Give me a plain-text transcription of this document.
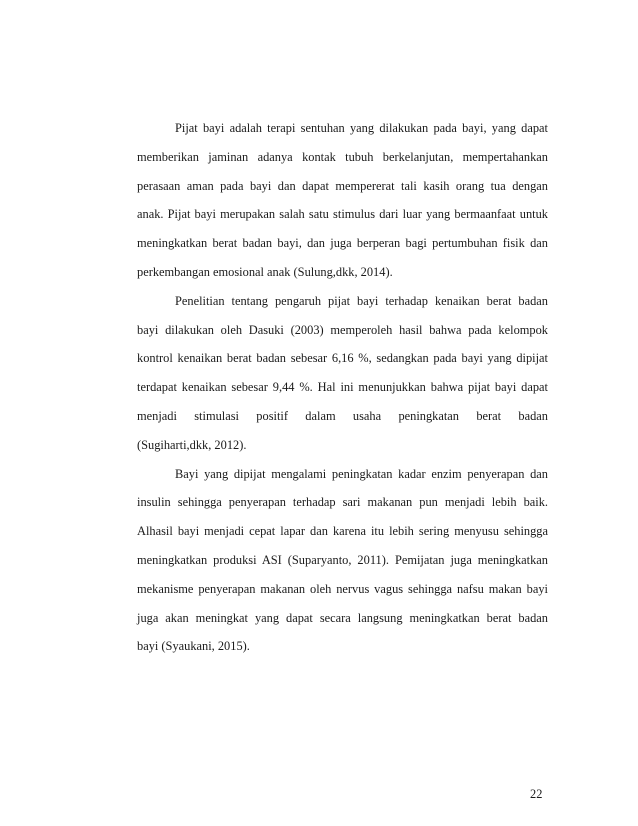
Pijat bayi adalah terapi sentuhan yang dilakukan pada bayi, yang dapat
memberikan jaminan adanya kontak tubuh berkelanjutan, mempertahankan
perasaan aman pada bayi dan dapat mempererat tali kasih orang tua dengan
anak. Pijat bayi merupakan salah satu stimulus dari luar yang bermaanfaat untuk
meningkatkan berat badan bayi, dan juga berperan bagi pertumbuhan fisik dan
perkembangan emosional anak (Sulung,dkk, 2014).

Penelitian tentang pengaruh pijat bayi terhadap kenaikan berat badan
bayi dilakukan oleh Dasuki (2003) memperoleh hasil bahwa pada kelompok
kontrol kenaikan berat badan sebesar 6,16 %, sedangkan pada bayi yang dipijat
terdapat kenaikan sebesar 9,44 %. Hal ini menunjukkan bahwa pijat bayi dapat
menjadi stimulasi positif dalam usaha peningkatan berat badan
(Sugiharti,dkk, 2012).

Bayi yang dipijat mengalami peningkatan kadar enzim penyerapan dan
insulin sehingga penyerapan terhadap sari makanan pun menjadi lebih baik.
Alhasil bayi menjadi cepat lapar dan karena itu lebih sering menyusu sehingga
meningkatkan produksi ASI (Suparyanto, 2011). Pemijatan juga meningkatkan
mekanisme penyerapan makanan oleh nervus vagus sehingga nafsu makan bayi
juga akan meningkat yang dapat secara langsung meningkatkan berat badan
bayi (Syaukani, 2015).

22
